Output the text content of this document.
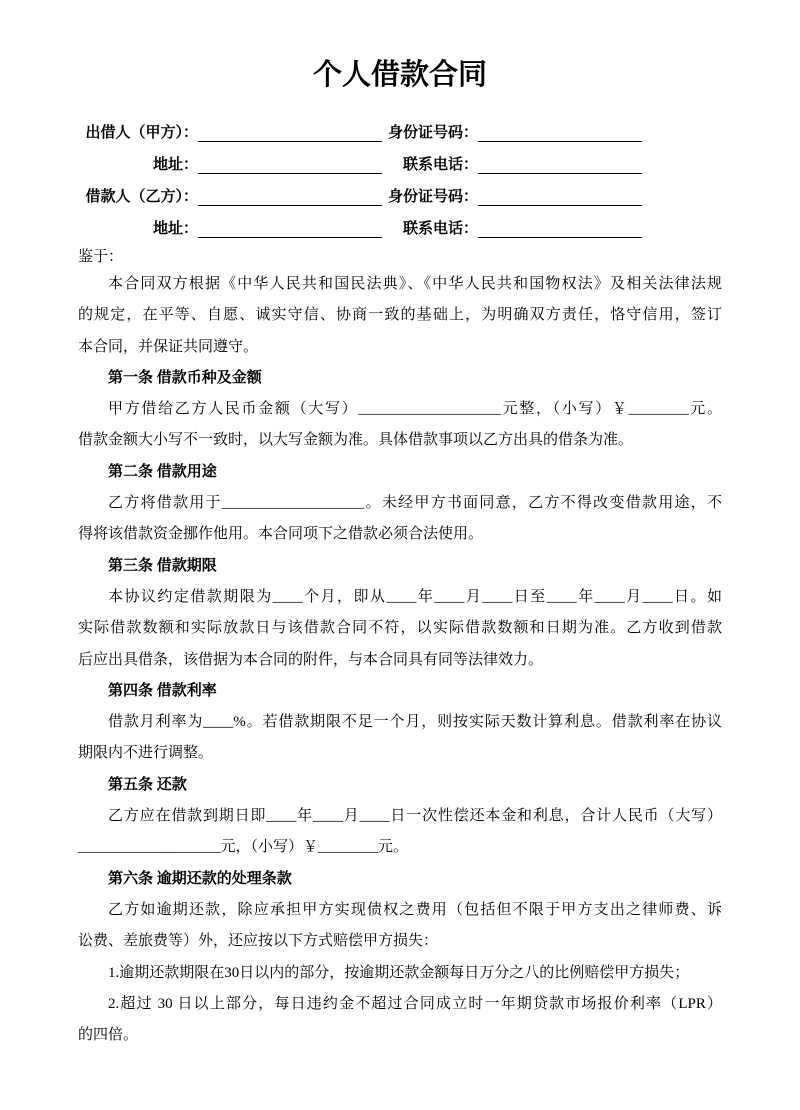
个人借款合同
出借人（甲方）：	身份证号码：
地址：	联系电话：
借款人（乙方）：	身份证号码：
地址：	联系电话：
鉴于：
本合同双方根据《中华人民共和国民法典》、《中华人民共和国物权法》及相关法律法规
的规定，在平等、自愿、诚实守信、协商一致的基础上，为明确双方责任，恪守信用，签订
本合同，并保证共同遵守。
第一条 借款币种及金额
甲方借给乙方人民币金额（大写）___________________元整，（小写）￥________元。
借款金额大小写不一致时，以大写金额为准。具体借款事项以乙方出具的借条为准。
第二条 借款用途
乙方将借款用于___________________。未经甲方书面同意，乙方不得改变借款用途，不
得将该借款资金挪作他用。本合同项下之借款必须合法使用。
第三条 借款期限
本协议约定借款期限为____个月，即从____年____月____日至____年____月____日。如
实际借款数额和实际放款日与该借款合同不符，以实际借款数额和日期为准。乙方收到借款
后应出具借条，该借据为本合同的附件，与本合同具有同等法律效力。
第四条 借款利率
借款月利率为____%。若借款期限不足一个月，则按实际天数计算利息。借款利率在协议
期限内不进行调整。
第五条 还款
乙方应在借款到期日即____年____月____日一次性偿还本金和利息，合计人民币（大写）
___________________元，（小写）￥________元。
第六条 逾期还款的处理条款
乙方如逾期还款，除应承担甲方实现债权之费用（包括但不限于甲方支出之律师费、诉
讼费、差旅费等）外，还应按以下方式赔偿甲方损失：
1.逾期还款期限在30日以内的部分，按逾期还款金额每日万分之八的比例赔偿甲方损失；
2.超过 30 日以上部分，每日违约金不超过合同成立时一年期贷款市场报价利率（LPR）
的四倍。
